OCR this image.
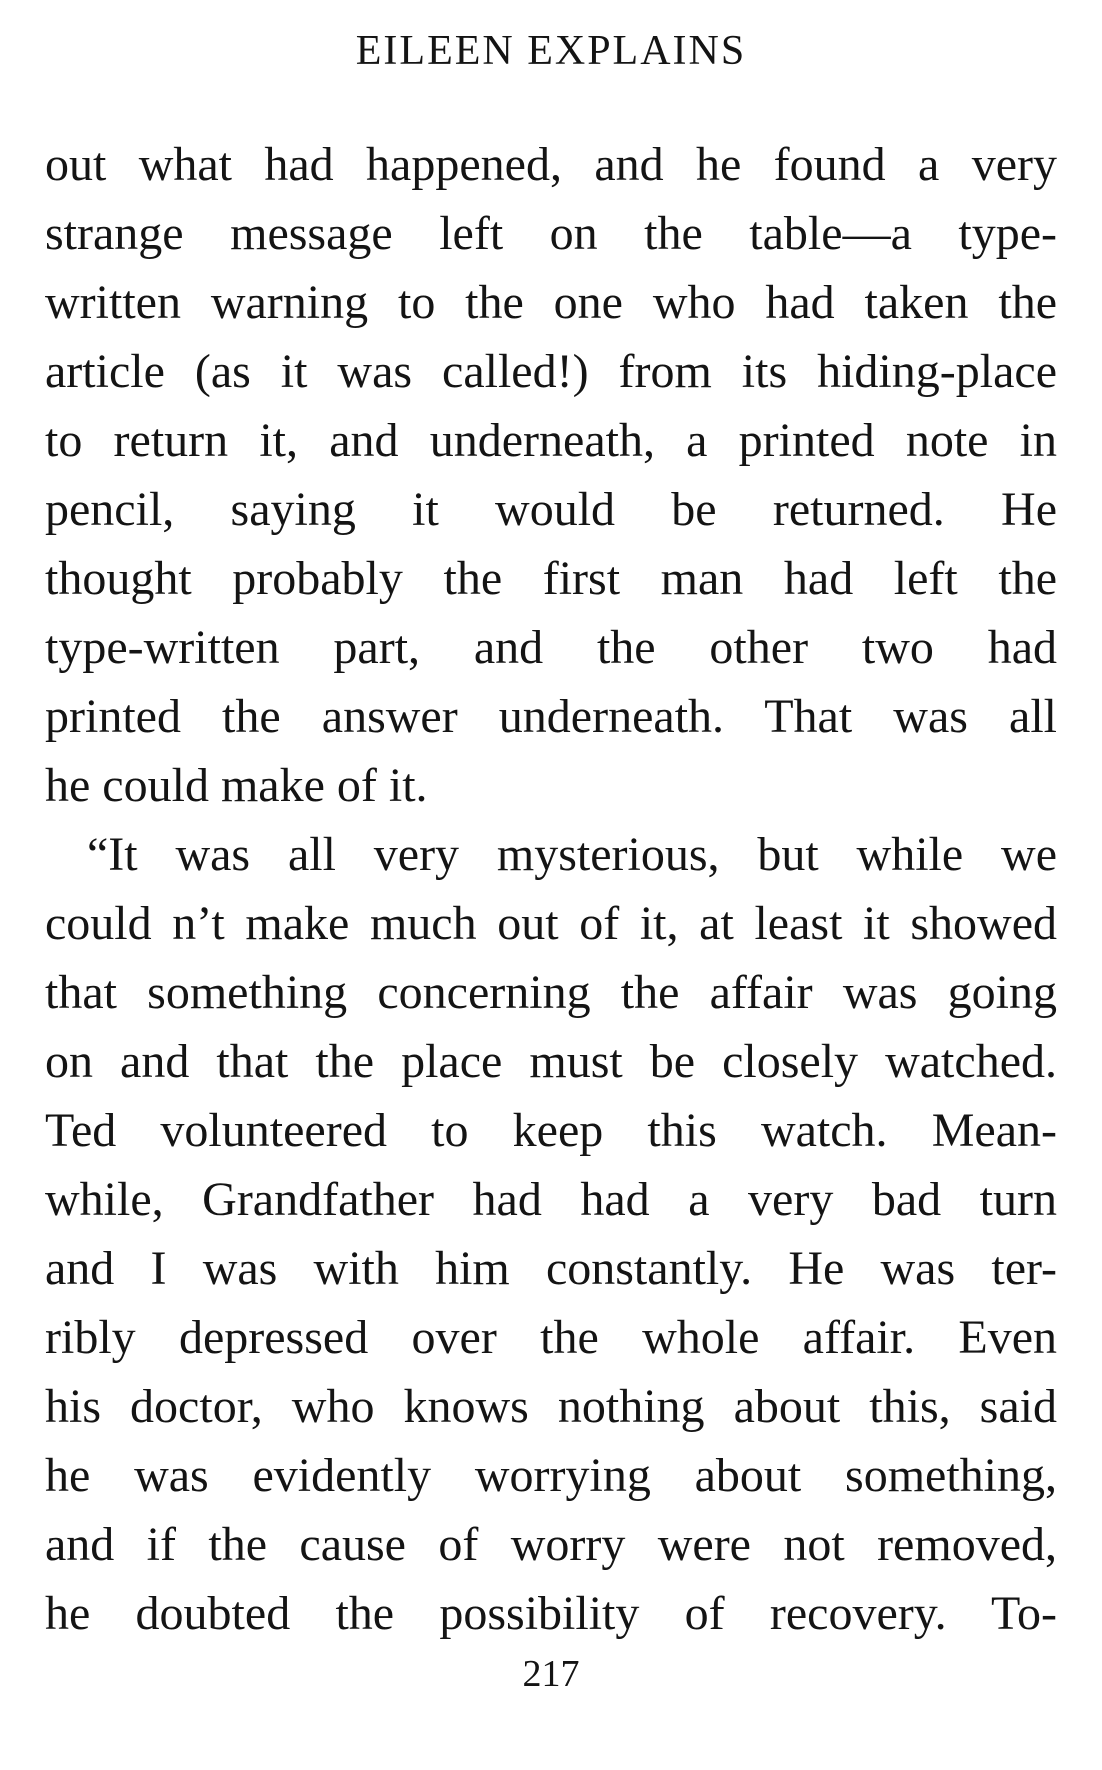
EILEEN EXPLAINS
out what had happened, and he found a very
strange message left on the table—a type-
written warning to the one who had taken the
article (as it was called!) from its hiding-place
to return it, and underneath, a printed note in
pencil, saying it would be returned. He
thought probably the first man had left the
type-written part, and the other two had
printed the answer underneath. That was all
he could make of it.
“It was all very mysterious, but while we
could n’t make much out of it, at least it showed
that something concerning the affair was going
on and that the place must be closely watched.
Ted volunteered to keep this watch. Mean-
while, Grandfather had had a very bad turn
and I was with him constantly. He was ter-
ribly depressed over the whole affair. Even
his doctor, who knows nothing about this, said
he was evidently worrying about something,
and if the cause of worry were not removed,
he doubted the possibility of recovery. To-
217
